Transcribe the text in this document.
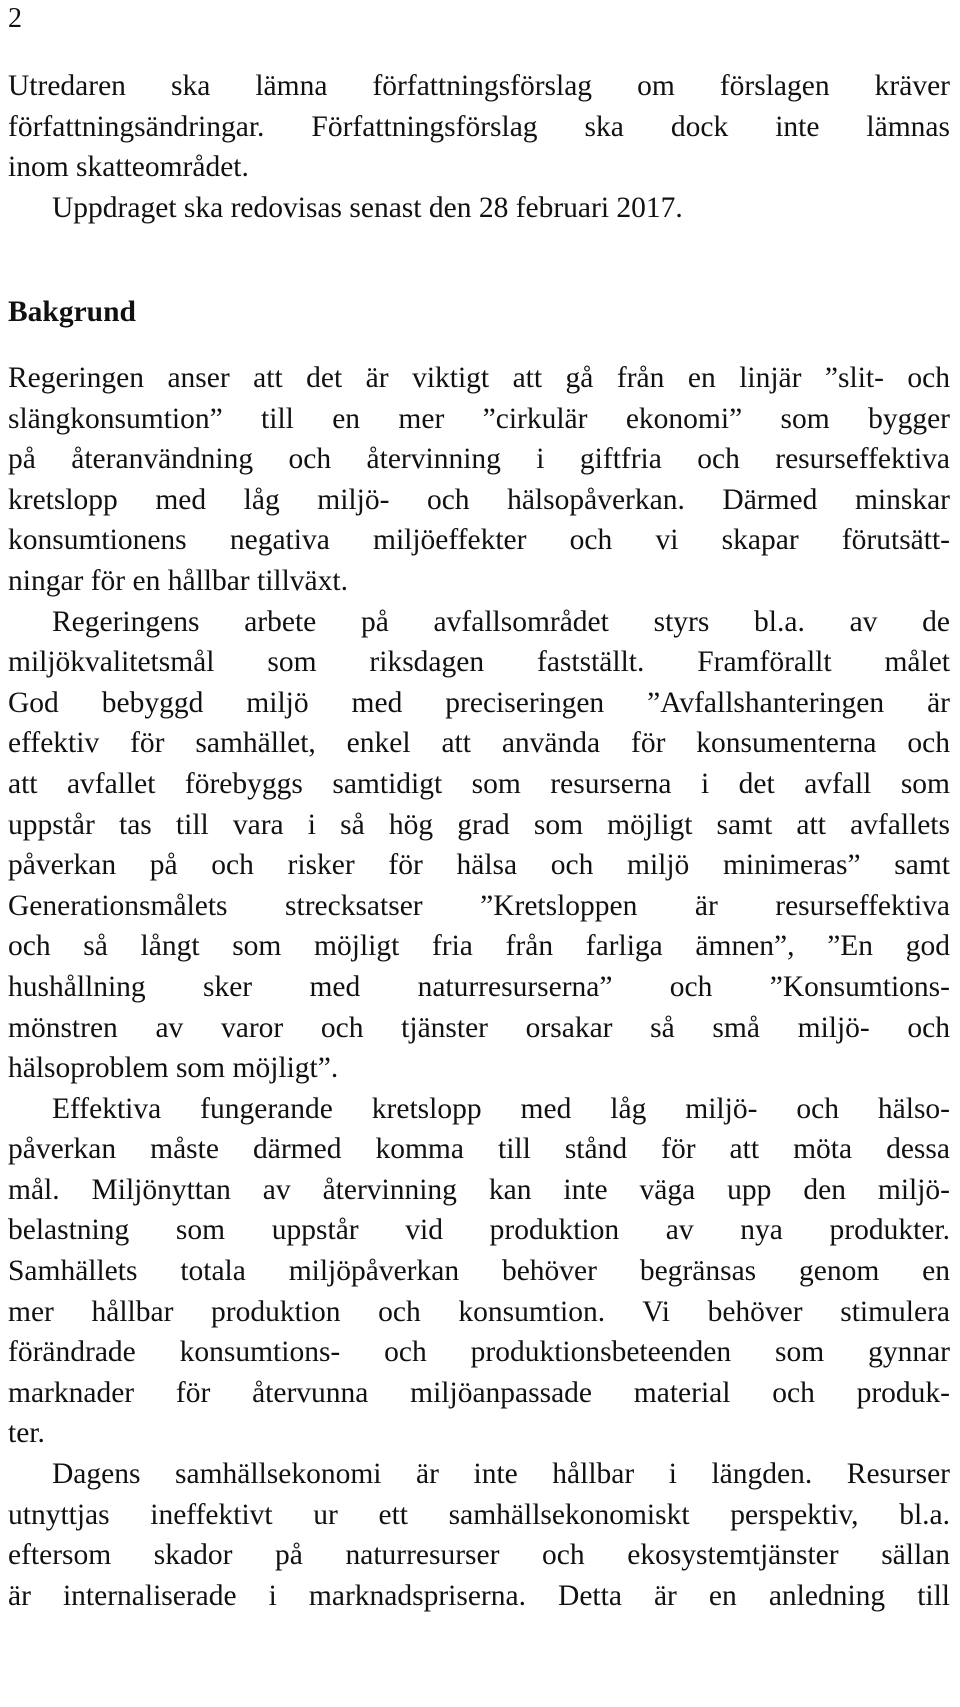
2
Utredaren ska lämna författningsförslag om förslagen kräver
författningsändringar. Författningsförslag ska dock inte lämnas
inom skatteområdet.
Uppdraget ska redovisas senast den 28 februari 2017.
Bakgrund
Regeringen anser att det är viktigt att gå från en linjär ”slit- och
slängkonsumtion” till en mer ”cirkulär ekonomi” som bygger
på återanvändning och återvinning i giftfria och resurseffektiva
kretslopp med låg miljö- och hälsopåverkan. Därmed minskar
konsumtionens negativa miljöeffekter och vi skapar förutsätt-
ningar för en hållbar tillväxt.
Regeringens arbete på avfallsområdet styrs bl.a. av de
miljökvalitetsmål som riksdagen fastställt. Framförallt målet
God bebyggd miljö med preciseringen ”Avfallshanteringen är
effektiv för samhället, enkel att använda för konsumenterna och
att avfallet förebyggs samtidigt som resurserna i det avfall som
uppstår tas till vara i så hög grad som möjligt samt att avfallets
påverkan på och risker för hälsa och miljö minimeras” samt
Generationsmålets strecksatser ”Kretsloppen är resurseffektiva
och så långt som möjligt fria från farliga ämnen”, ”En god
hushållning sker med naturresurserna” och ”Konsumtions-
mönstren av varor och tjänster orsakar så små miljö- och
hälsoproblem som möjligt”.
Effektiva fungerande kretslopp med låg miljö- och hälso-
påverkan måste därmed komma till stånd för att möta dessa
mål. Miljönyttan av återvinning kan inte väga upp den miljö-
belastning som uppstår vid produktion av nya produkter.
Samhällets totala miljöpåverkan behöver begränsas genom en
mer hållbar produktion och konsumtion. Vi behöver stimulera
förändrade konsumtions- och produktionsbeteenden som gynnar
marknader för återvunna miljöanpassade material och produk-
ter.
Dagens samhällsekonomi är inte hållbar i längden. Resurser
utnyttjas ineffektivt ur ett samhällsekonomiskt perspektiv, bl.a.
eftersom skador på naturresurser och ekosystemtjänster sällan
är internaliserade i marknadspriserna. Detta är en anledning till
